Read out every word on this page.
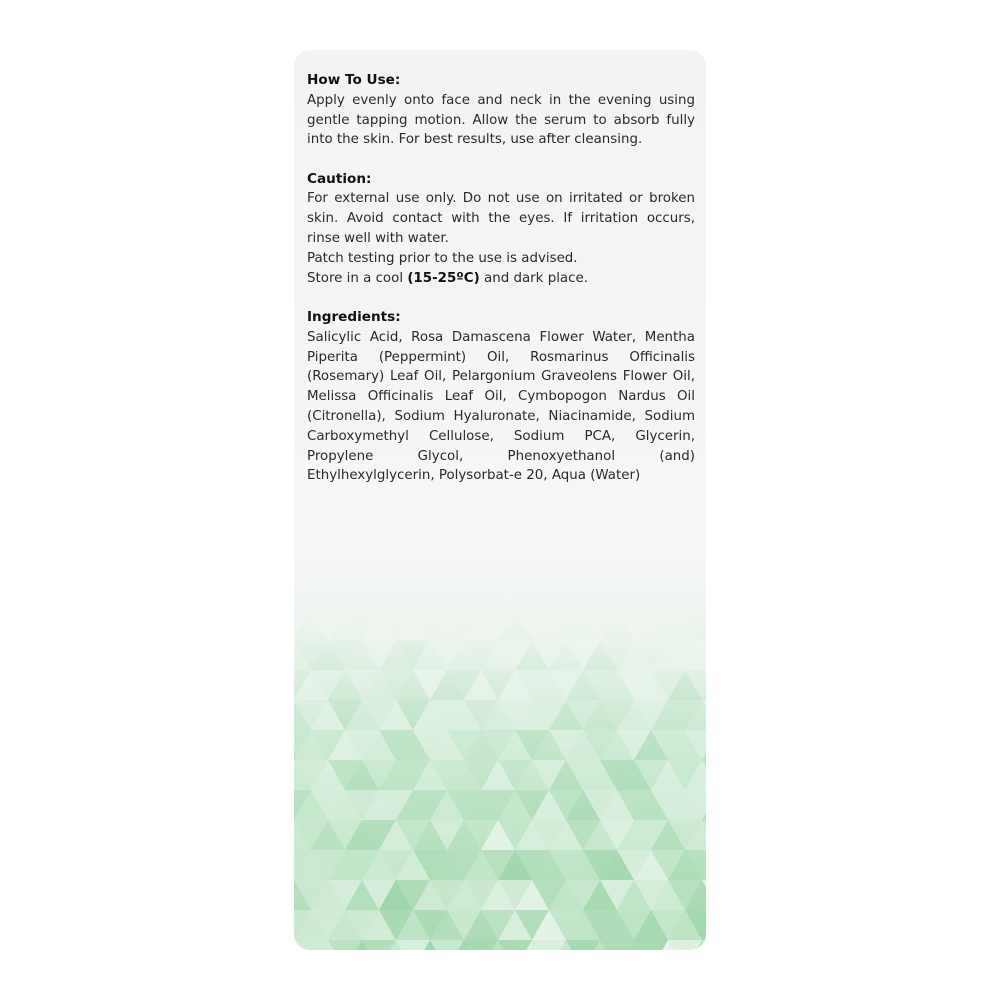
How To Use:
Apply evenly onto face and neck in the evening using gentle tapping motion. Allow the serum to absorb fully into the skin. For best results, use after cleansing.
Caution:
For external use only. Do not use on irritated or broken skin. Avoid contact with the eyes. If irritation occurs, rinse well with water.
Patch testing prior to the use is advised.
Store in a cool (15-25ºC) and dark place.
Ingredients:
Salicylic Acid, Rosa Damascena Flower Water, Mentha Piperita (Peppermint) Oil, Rosmarinus Officinalis (Rosemary) Leaf Oil, Pelargonium Graveolens Flower Oil, Melissa Officinalis Leaf Oil, Cymbopogon Nardus Oil (Citronella), Sodium Hyaluronate, Niacinamide, Sodium Carboxymethyl Cellulose, Sodium PCA, Glycerin, Propylene Glycol, Phenoxyethanol (and) Ethylhexylglycerin, Polysorbat-e 20, Aqua (Water)
